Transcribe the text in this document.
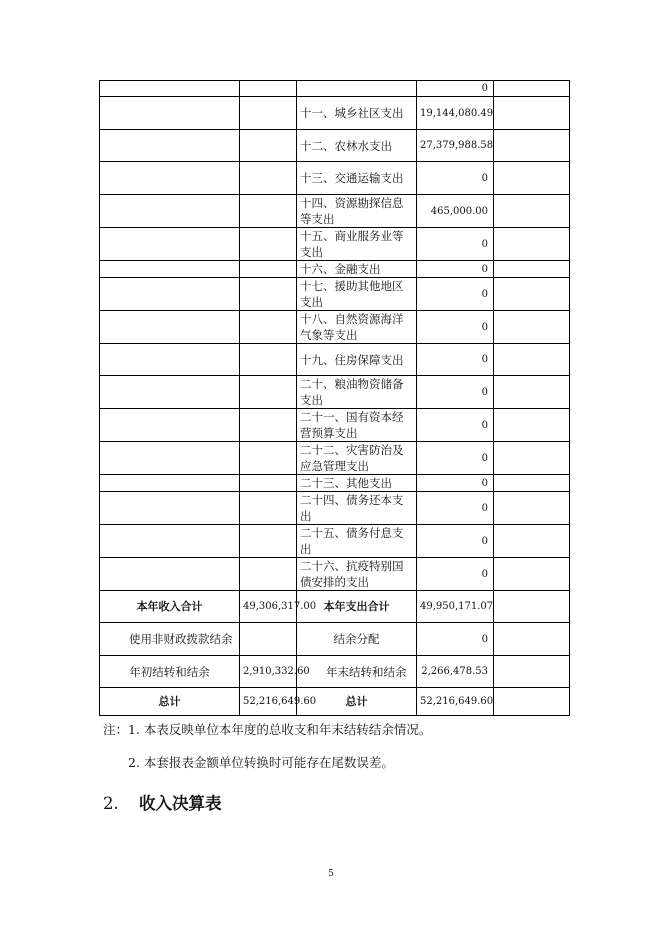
			0	
		十一、城乡社区支出	19,144,080.49	
		十二、农林水支出	27,379,988.58	
		十三、交通运输支出	0	
		十四、资源勘探信息等支出	465,000.00	
		十五、商业服务业等支出	0	
		十六、金融支出	0	
		十七、援助其他地区支出	0	
		十八、自然资源海洋气象等支出	0	
		十九、住房保障支出	0	
		二十、粮油物资储备支出	0	
		二十一、国有资本经营预算支出	0	
		二十二、灾害防治及应急管理支出	0	
		二十三、其他支出	0	
		二十四、债务还本支出	0	
		二十五、债务付息支出	0	
		二十六、抗疫特别国债安排的支出	0	
本年收入合计	49,306,317.00	本年支出合计	49,950,171.07	
使用非财政拨款结余		结余分配	0	
年初结转和结余	2,910,332.60	年末结转和结余	2,266,478.53	
总计	52,216,649.60	总计	52,216,649.60	
注：1. 本表反映单位本年度的总收支和年末结转结余情况。
2. 本套报表金额单位转换时可能存在尾数误差。
2. 收入决算表
5
